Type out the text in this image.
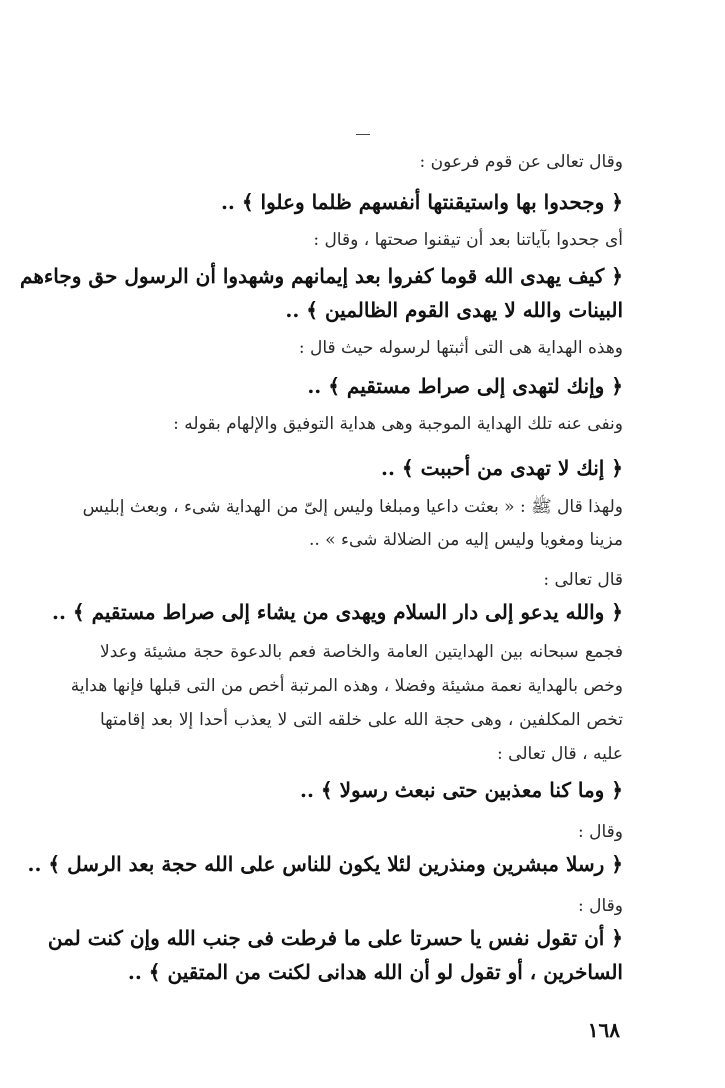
وقال تعالى عن قوم فرعون :
﴿ وجحدوا بها واستيقنتها أنفسهم ظلما وعلوا ﴾ ..
أى جحدوا بآياتنا بعد أن تيقنوا صحتها ، وقال :
﴿ كيف يهدى الله قوما كفروا بعد إيمانهم وشهدوا أن الرسول حق وجاءهم
البينات والله لا يهدى القوم الظالمين ﴾ ..
وهذه الهداية هى التى أثبتها لرسوله حيث قال :
﴿ وإنك لتهدى إلى صراط مستقيم ﴾ ..
ونفى عنه تلك الهداية الموجبة وهى هداية التوفيق والإلهام بقوله :
﴿ إنك لا تهدى من أحببت ﴾ ..
ولهذا قال ﷺ : « بعثت داعيا ومبلغا وليس إلىّ من الهداية شىء ، وبعث إبليس
مزينا ومغويا وليس إليه من الضلالة شىء » ..
قال تعالى :
﴿ والله يدعو إلى دار السلام ويهدى من يشاء إلى صراط مستقيم ﴾ ..
فجمع سبحانه بين الهدايتين العامة والخاصة فعم بالدعوة حجة مشيئة وعدلا
وخص بالهداية نعمة مشيئة وفضلا ، وهذه المرتبة أخص من التى قبلها فإنها هداية
تخص المكلفين ، وهى حجة الله على خلقه التى لا يعذب أحدا إلا بعد إقامتها
عليه ، قال تعالى :
﴿ وما كنا معذبين حتى نبعث رسولا ﴾ ..
وقال :
﴿ رسلا مبشرين ومنذرين لئلا يكون للناس على الله حجة بعد الرسل ﴾ ..
وقال :
﴿ أن تقول نفس يا حسرتا على ما فرطت فى جنب الله وإن كنت لمن
الساخرين ، أو تقول لو أن الله هدانى لكنت من المتقين ﴾ ..
١٦٨
